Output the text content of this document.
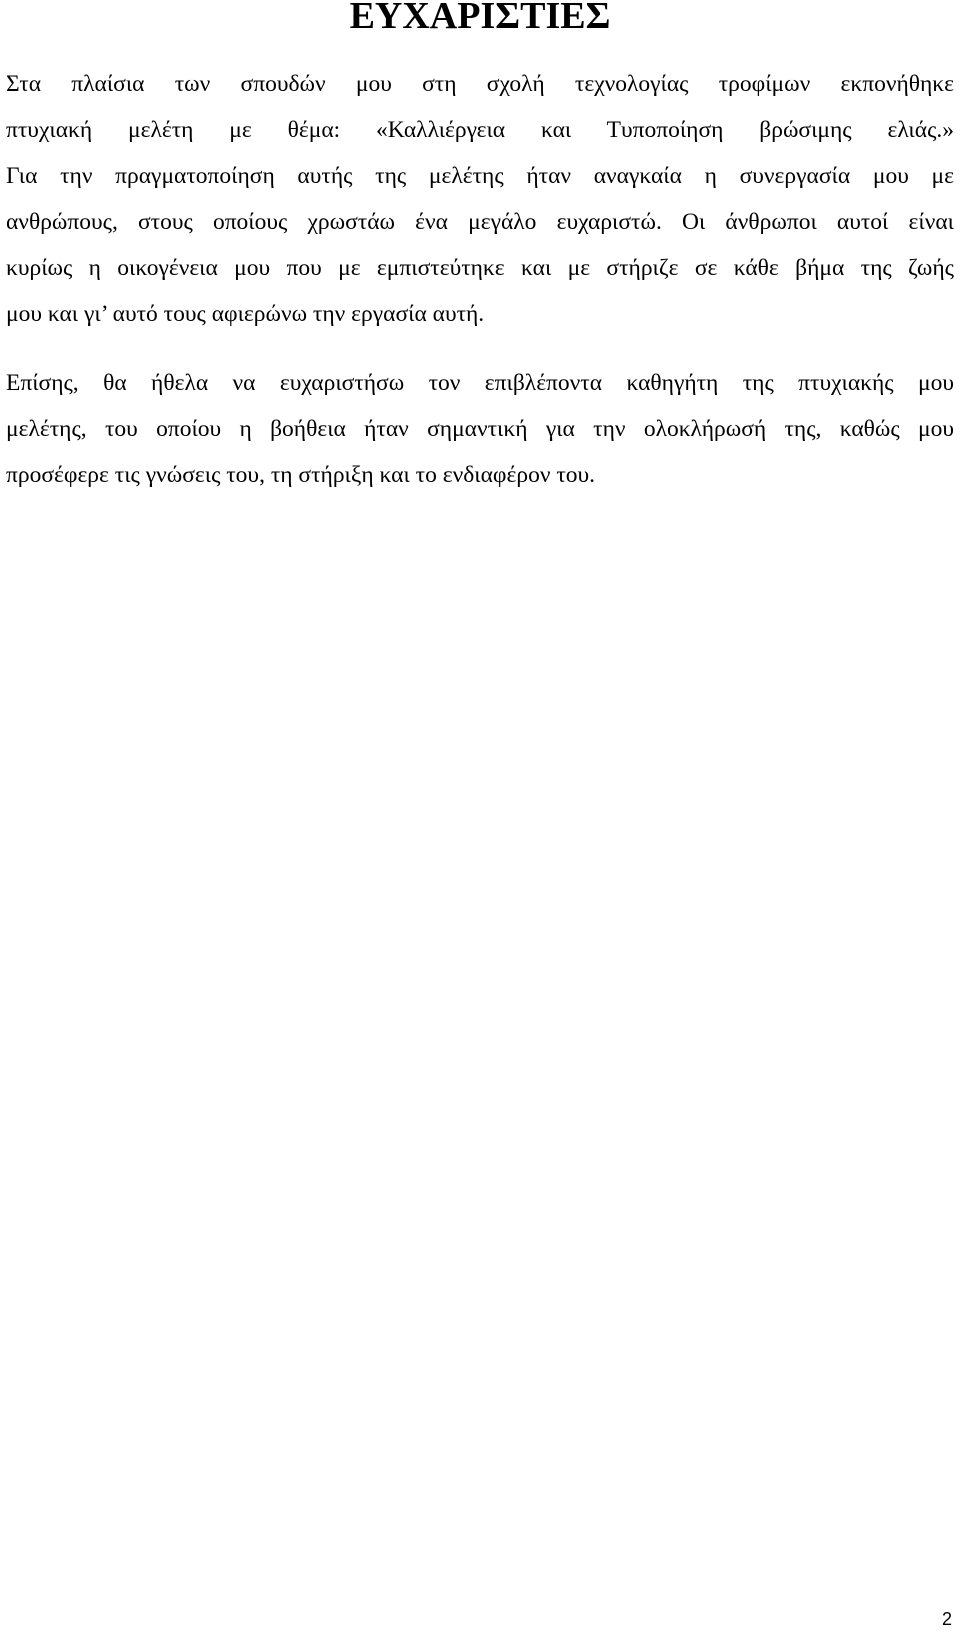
ΕΥΧΑΡΙΣΤΙΕΣ

Στα πλαίσια των σπουδών μου στη σχολή τεχνολογίας τροφίμων εκπονήθηκε
πτυχιακή μελέτη με θέμα: «Καλλιέργεια και Τυποποίηση βρώσιμης ελιάς.»
Για την πραγματοποίηση αυτής της μελέτης ήταν αναγκαία η συνεργασία μου με
ανθρώπους, στους οποίους χρωστάω ένα μεγάλο ευχαριστώ. Οι άνθρωποι αυτοί είναι
κυρίως η οικογένεια μου που με εμπιστεύτηκε και με στήριζε σε κάθε βήμα της ζωής
μου και γι’ αυτό τους αφιερώνω την εργασία αυτή.

Επίσης, θα ήθελα να ευχαριστήσω τον επιβλέποντα καθηγήτη της πτυχιακής μου
μελέτης, του οποίου η βοήθεια ήταν σημαντική για την ολοκλήρωσή της, καθώς μου
προσέφερε τις γνώσεις του, τη στήριξη και το ενδιαφέρον του.

2
